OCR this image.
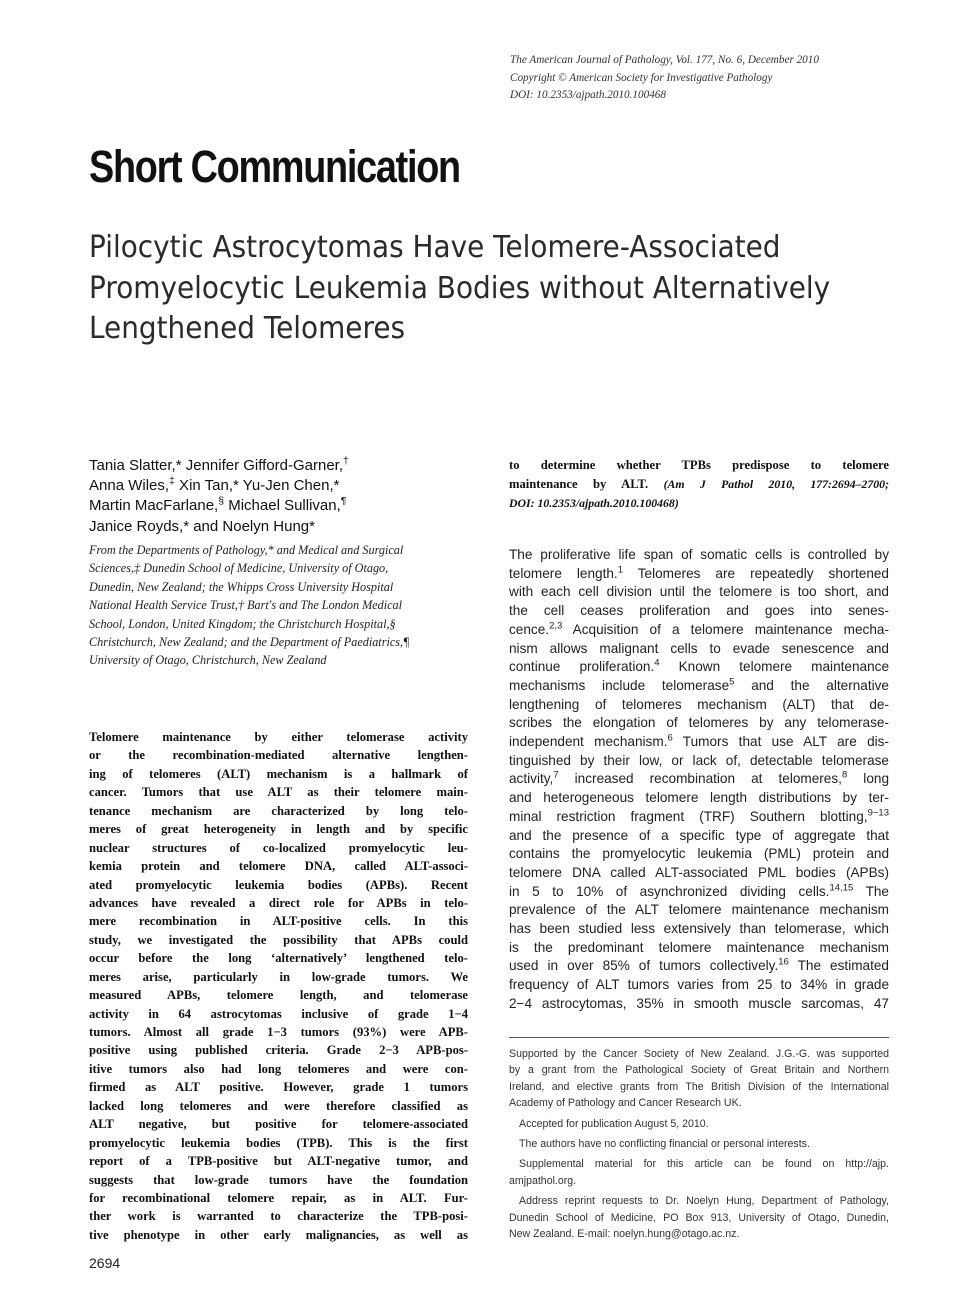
The American Journal of Pathology, Vol. 177, No. 6, December 2010
Copyright © American Society for Investigative Pathology
DOI: 10.2353/ajpath.2010.100468
Short Communication
Pilocytic Astrocytomas Have Telomere-Associated
Promyelocytic Leukemia Bodies without Alternatively
Lengthened Telomeres
Tania Slatter,* Jennifer Gifford-Garner,†
Anna Wiles,‡ Xin Tan,* Yu-Jen Chen,*
Martin MacFarlane,§ Michael Sullivan,¶
Janice Royds,* and Noelyn Hung*
From the Departments of Pathology,* and Medical and Surgical
Sciences,‡ Dunedin School of Medicine, University of Otago,
Dunedin, New Zealand; the Whipps Cross University Hospital
National Health Service Trust,† Bart's and The London Medical
School, London, United Kingdom; the Christchurch Hospital,§
Christchurch, New Zealand; and the Department of Paediatrics,¶
University of Otago, Christchurch, New Zealand
Telomere maintenance by either telomerase activity
or the recombination-mediated alternative lengthen-
ing of telomeres (ALT) mechanism is a hallmark of
cancer. Tumors that use ALT as their telomere main-
tenance mechanism are characterized by long telo-
meres of great heterogeneity in length and by specific
nuclear structures of co-localized promyelocytic leu-
kemia protein and telomere DNA, called ALT-associ-
ated promyelocytic leukemia bodies (APBs). Recent
advances have revealed a direct role for APBs in telo-
mere recombination in ALT-positive cells. In this
study, we investigated the possibility that APBs could
occur before the long ‘alternatively’ lengthened telo-
meres arise, particularly in low-grade tumors. We
measured APBs, telomere length, and telomerase
activity in 64 astrocytomas inclusive of grade 1−4
tumors. Almost all grade 1−3 tumors (93%) were APB-
positive using published criteria. Grade 2−3 APB-pos-
itive tumors also had long telomeres and were con-
firmed as ALT positive. However, grade 1 tumors
lacked long telomeres and were therefore classified as
ALT negative, but positive for telomere-associated
promyelocytic leukemia bodies (TPB). This is the first
report of a TPB-positive but ALT-negative tumor, and
suggests that low-grade tumors have the foundation
for recombinational telomere repair, as in ALT. Fur-
ther work is warranted to characterize the TPB-posi-
tive phenotype in other early malignancies, as well as
to determine whether TPBs predispose to telomere
maintenance by ALT. (Am J Pathol 2010, 177:2694–2700;
DOI: 10.2353/ajpath.2010.100468)
The proliferative life span of somatic cells is controlled by
telomere length.$^1$ Telomeres are repeatedly shortened
with each cell division until the telomere is too short, and
the cell ceases proliferation and goes into senes-
cence.$^{2,3}$ Acquisition of a telomere maintenance mecha-
nism allows malignant cells to evade senescence and
continue proliferation.$^4$ Known telomere maintenance
mechanisms include telomerase$^5$ and the alternative
lengthening of telomeres mechanism (ALT) that de-
scribes the elongation of telomeres by any telomerase-
independent mechanism.$^6$ Tumors that use ALT are dis-
tinguished by their low, or lack of, detectable telomerase
activity,$^7$ increased recombination at telomeres,$^8$ long
and heterogeneous telomere length distributions by ter-
minal restriction fragment (TRF) Southern blotting,$^{9-13}$
and the presence of a specific type of aggregate that
contains the promyelocytic leukemia (PML) protein and
telomere DNA called ALT-associated PML bodies (APBs)
in 5 to 10% of asynchronized dividing cells.$^{14,15}$ The
prevalence of the ALT telomere maintenance mechanism
has been studied less extensively than telomerase, which
is the predominant telomere maintenance mechanism
used in over 85% of tumors collectively.$^{16}$ The estimated
frequency of ALT tumors varies from 25 to 34% in grade
2−4 astrocytomas, 35% in smooth muscle sarcomas, 47
Supported by the Cancer Society of New Zealand. J.G.-G. was supported
by a grant from the Pathological Society of Great Britain and Northern
Ireland, and elective grants from The British Division of the International
Academy of Pathology and Cancer Research UK.
Accepted for publication August 5, 2010.
The authors have no conflicting financial or personal interests.
Supplemental material for this article can be found on http://ajp.
amjpathol.org.
Address reprint requests to Dr. Noelyn Hung, Department of Pathology,
Dunedin School of Medicine, PO Box 913, University of Otago, Dunedin,
New Zealand. E-mail: noelyn.hung@otago.ac.nz.
2694
